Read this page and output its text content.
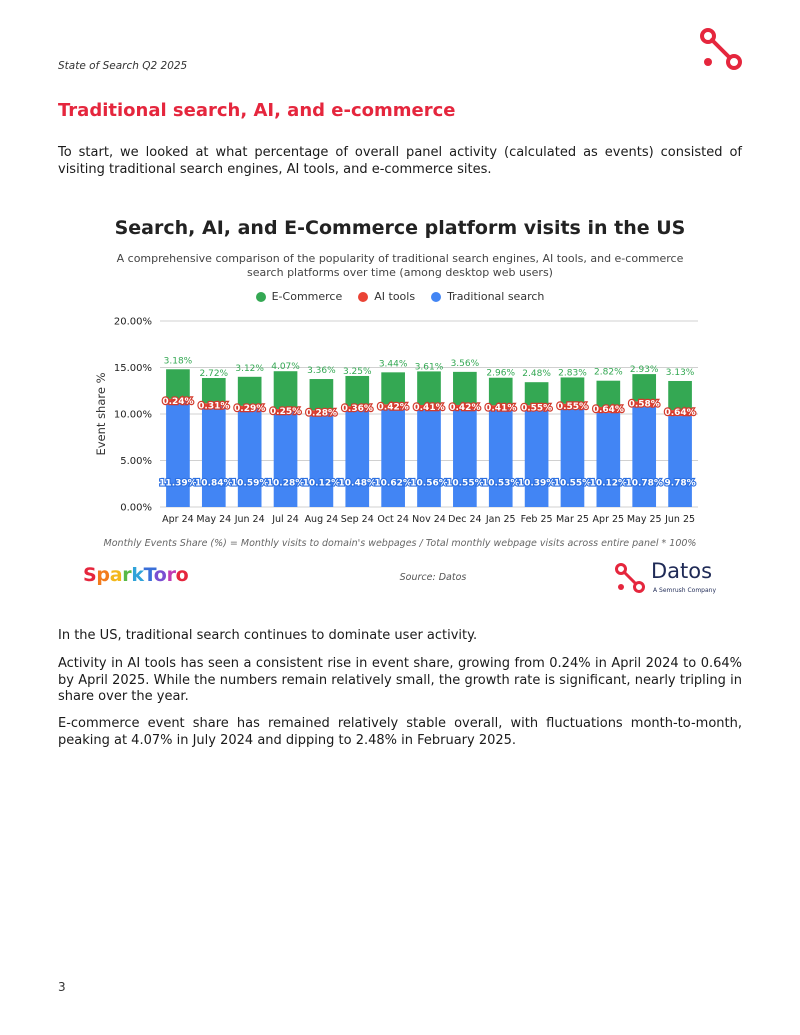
State of Search Q2 2025
Traditional search, AI, and e-commerce
To start, we looked at what percentage of overall panel activity (calculated as events) consisted of visiting traditional search engines, AI tools, and e-commerce sites.
0.00%
5.00%
10.00%
15.00%
20.00%
Event share %
11.39%
0.24%
3.18%
Apr 24
10.84%
0.31%
2.72%
May 24
10.59%
0.29%
3.12%
Jun 24
10.28%
0.25%
4.07%
Jul 24
10.12%
0.28%
3.36%
Aug 24
10.48%
0.36%
3.25%
Sep 24
10.62%
0.42%
3.44%
Oct 24
10.56%
0.41%
3.61%
Nov 24
10.55%
0.42%
3.56%
Dec 24
10.53%
0.41%
2.96%
Jan 25
10.39%
0.55%
2.48%
Feb 25
10.55%
0.55%
2.83%
Mar 25
10.12%
0.64%
2.82%
Apr 25
10.78%
0.58%
2.93%
May 25
9.78%
0.64%
3.13%
Jun 25
Search, AI, and E-Commerce platform visits in the US
A comprehensive comparison of the popularity of traditional search engines, AI tools, and e-commerce search platforms over time (among desktop web users)
E-Commerce	AI tools	Traditional search
Monthly Events Share (%) = Monthly visits to domain's webpages / Total monthly webpage visits across entire panel * 100%
SparkToro	Source: Datos	Datos
A Semrush Company
In the US, traditional search continues to dominate user activity.
Activity in AI tools has seen a consistent rise in event share, growing from 0.24% in April 2024 to 0.64% by April 2025. While the numbers remain relatively small, the growth rate is significant, nearly tripling in share over the year.
E-commerce event share has remained relatively stable overall, with fluctuations month-to-month, peaking at 4.07% in July 2024 and dipping to 2.48% in February 2025.
3
